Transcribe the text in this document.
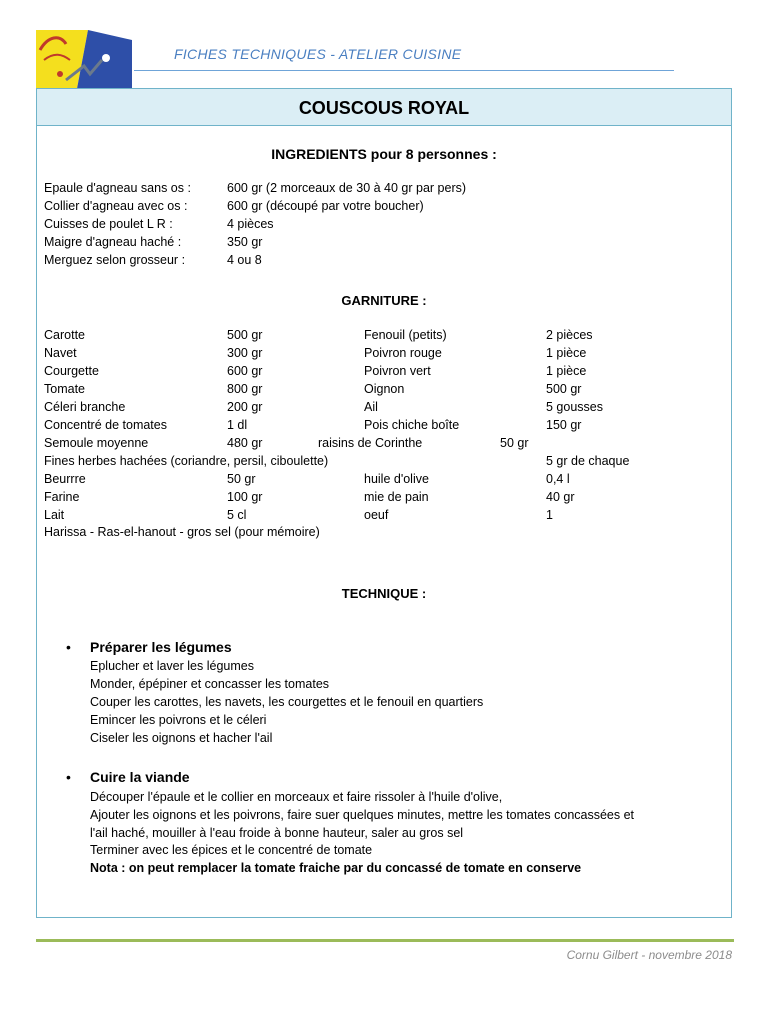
FICHES TECHNIQUES - ATELIER CUISINE
COUSCOUS ROYAL
INGREDIENTS pour 8 personnes :
Epaule d'agneau sans os :	600 gr (2 morceaux de 30 à 40 gr par pers)
Collier d'agneau avec os :	600 gr (découpé par votre boucher)
Cuisses de poulet L R :	4 pièces
Maigre d'agneau haché :	350 gr
Merguez selon grosseur :	4 ou 8
GARNITURE :
Carotte	500 gr	Fenouil (petits)	2 pièces
Navet	300 gr	Poivron rouge	1 pièce
Courgette	600 gr	Poivron vert	1 pièce
Tomate	800 gr	Oignon	500 gr
Céleri branche	200 gr	Ail	5 gousses
Concentré de tomates	1 dl	Pois chiche boîte	150 gr
Semoule moyenne	480 gr	raisins de Corinthe	50 gr
Fines herbes hachées (coriandre, persil, ciboulette)	5 gr de chaque
Beurrre	50 gr	huile d'olive	0,4 l
Farine	100 gr	mie de pain	40 gr
Lait	5 cl	oeuf	1
Harissa - Ras-el-hanout - gros sel (pour mémoire)
TECHNIQUE :
• Préparer les légumes
Eplucher et laver les légumes
Monder, épépiner et concasser les tomates
Couper les carottes, les navets, les courgettes et le fenouil en quartiers
Emincer les poivrons et le céleri
Ciseler les oignons et hacher l'ail
• Cuire la viande
Découper l'épaule et le collier en morceaux et faire rissoler à l'huile d'olive,
Ajouter les oignons et les poivrons, faire suer quelques minutes, mettre les tomates concassées et
l'ail haché, mouiller à l'eau froide à bonne hauteur, saler au gros sel
Terminer avec les épices et le concentré de tomate
Nota : on peut remplacer la tomate fraiche par du concassé de tomate en conserve
Cornu Gilbert - novembre 2018
